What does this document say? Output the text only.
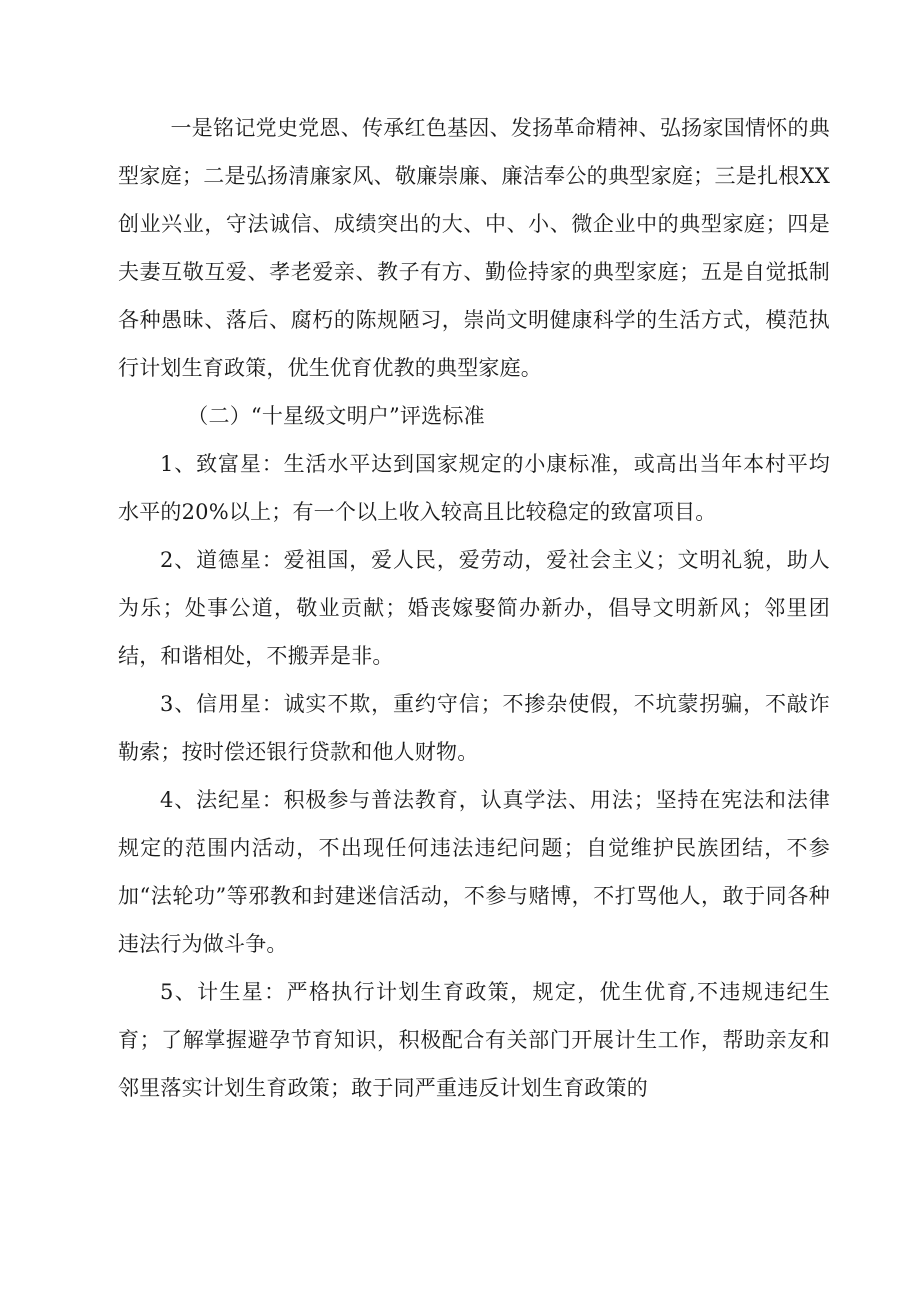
一是铭记党史党恩、传承红色基因、发扬革命精神、弘扬家国情怀的典型家庭；二是弘扬清廉家风、敬廉崇廉、廉洁奉公的典型家庭；三是扎根XX创业兴业，守法诚信、成绩突出的大、中、小、微企业中的典型家庭；四是夫妻互敬互爱、孝老爱亲、教子有方、勤俭持家的典型家庭；五是自觉抵制各种愚昧、落后、腐朽的陈规陋习，崇尚文明健康科学的生活方式，模范执行计划生育政策，优生优育优教的典型家庭。

（二）“十星级文明户”评选标准

1、致富星：生活水平达到国家规定的小康标准，或高出当年本村平均水平的20%以上；有一个以上收入较高且比较稳定的致富项目。

2、道德星：爱祖国，爱人民，爱劳动，爱社会主义；文明礼貌，助人为乐；处事公道，敬业贡献；婚丧嫁娶简办新办，倡导文明新风；邻里团结，和谐相处，不搬弄是非。

3、信用星：诚实不欺，重约守信；不掺杂使假，不坑蒙拐骗，不敲诈勒索；按时偿还银行贷款和他人财物。

4、法纪星：积极参与普法教育，认真学法、用法；坚持在宪法和法律规定的范围内活动，不出现任何违法违纪问题；自觉维护民族团结，不参加“法轮功”等邪教和封建迷信活动，不参与赌博，不打骂他人，敢于同各种违法行为做斗争。

5、计生星：严格执行计划生育政策，规定，优生优育,不违规违纪生育；了解掌握避孕节育知识，积极配合有关部门开展计生工作，帮助亲友和邻里落实计划生育政策；敢于同严重违反计划生育政策的
